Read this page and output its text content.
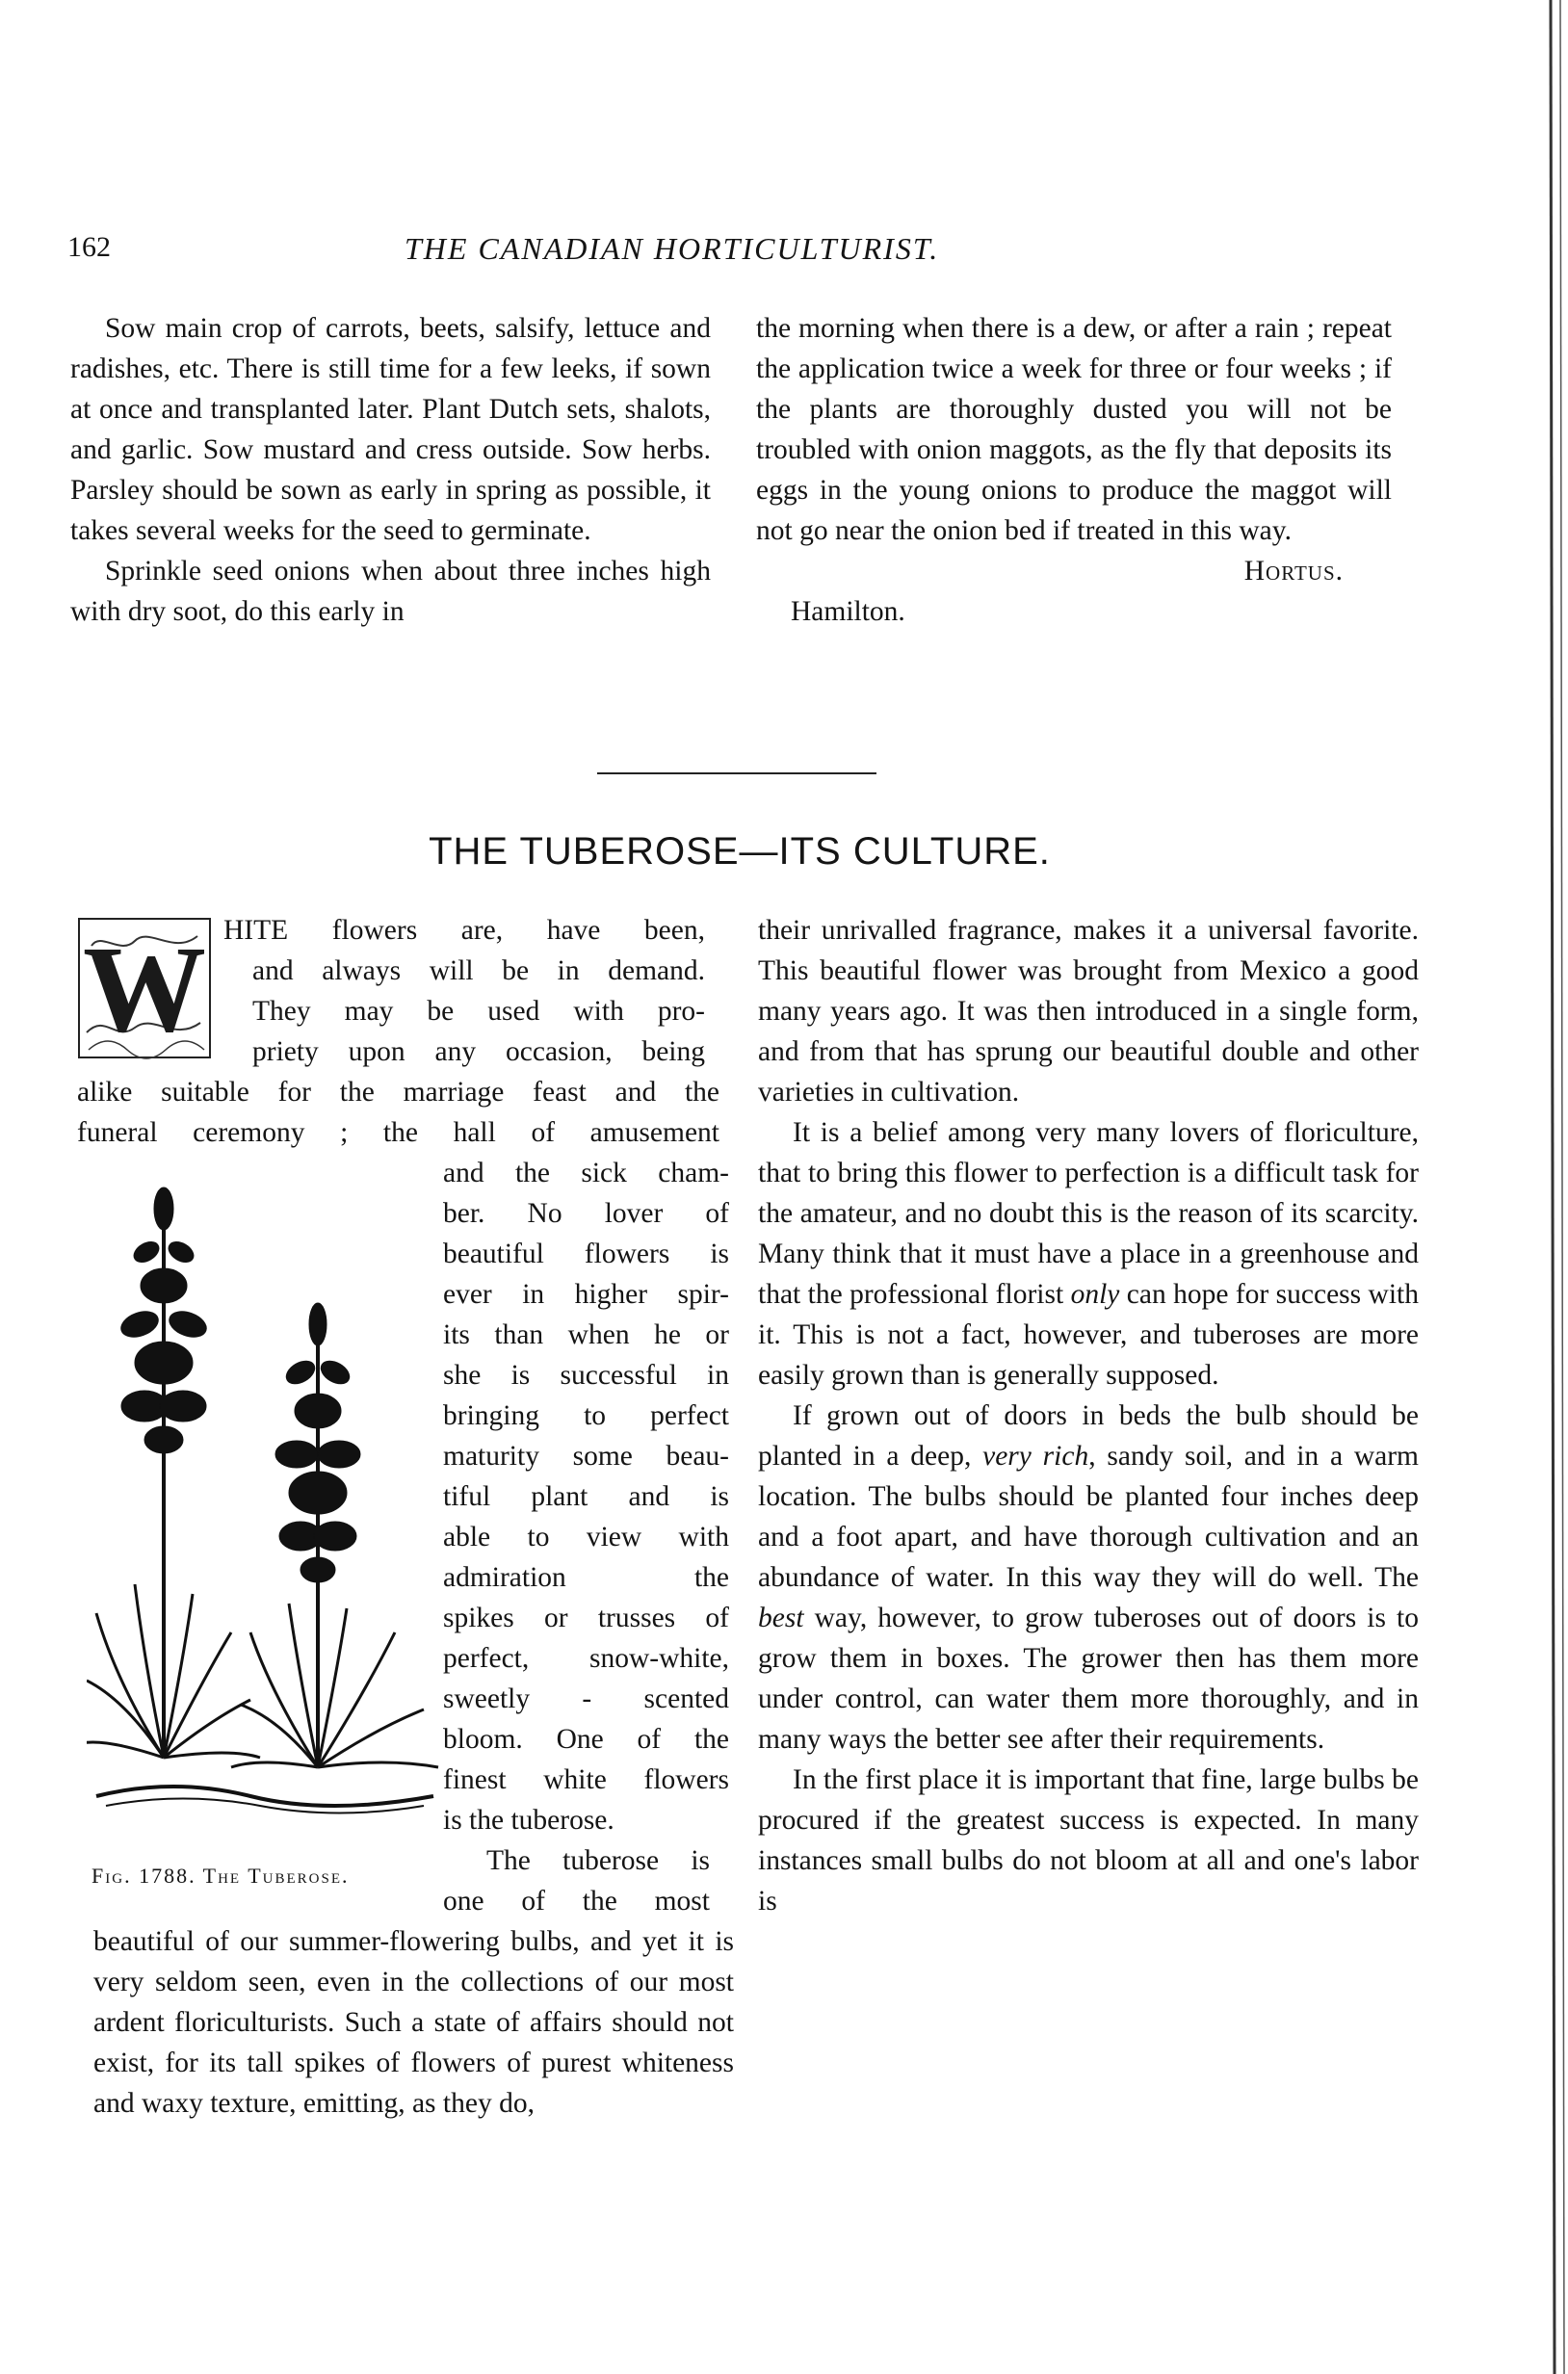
162	THE CANADIAN HORTICULTURIST.

Sow main crop of carrots, beets, salsify, lettuce and radishes, etc. There is still time for a few leeks, if sown at once and transplanted later. Plant Dutch sets, shalots, and garlic. Sow mustard and cress outside. Sow herbs. Parsley should be sown as early in spring as possible, it takes several weeks for the seed to germinate.

Sprinkle seed onions when about three inches high with dry soot, do this early in

the morning when there is a dew, or after a rain ; repeat the application twice a week for three or four weeks ; if the plants are thoroughly dusted you will not be troubled with onion maggots, as the fly that deposits its eggs in the young onions to produce the maggot will not go near the onion bed if treated in this way.

Hortus.

Hamilton.

THE TUBEROSE—ITS CULTURE.
W HITE flowers are, have been,
and always will be in demand.
They may be used with pro-
priety upon any occasion, being
alike suitable for the marriage feast and the
funeral ceremony ; the hall of amusement
and the sick cham-
ber. No lover of
beautiful flowers is
ever in higher spir-
its than when he or
she is successful in
bringing to perfect
maturity some beau-
tiful plant and is
able to view with
admiration the
spikes or trusses of
perfect, snow-white,
sweetly - scented
bloom. One of the
finest white flowers
is the tuberose.
The tuberose is
one of the most
Fig. 1788. The Tuberose.

beautiful of our summer-flowering bulbs, and yet it is very seldom seen, even in the collections of our most ardent floriculturists. Such a state of affairs should not exist, for its tall spikes of flowers of purest whiteness and waxy texture, emitting, as they do,

their unrivalled fragrance, makes it a universal favorite. This beautiful flower was brought from Mexico a good many years ago. It was then introduced in a single form, and from that has sprung our beautiful double and other varieties in cultivation.

It is a belief among very many lovers of floriculture, that to bring this flower to perfection is a difficult task for the amateur, and no doubt this is the reason of its scarcity. Many think that it must have a place in a greenhouse and that the professional florist only can hope for success with it. This is not a fact, however, and tuberoses are more easily grown than is generally supposed.

If grown out of doors in beds the bulb should be planted in a deep, very rich, sandy soil, and in a warm location. The bulbs should be planted four inches deep and a foot apart, and have thorough cultivation and an abundance of water. In this way they will do well. The best way, however, to grow tuberoses out of doors is to grow them in boxes. The grower then has them more under control, can water them more thoroughly, and in many ways the better see after their requirements.

In the first place it is important that fine, large bulbs be procured if the greatest success is expected. In many instances small bulbs do not bloom at all and one's labor is
